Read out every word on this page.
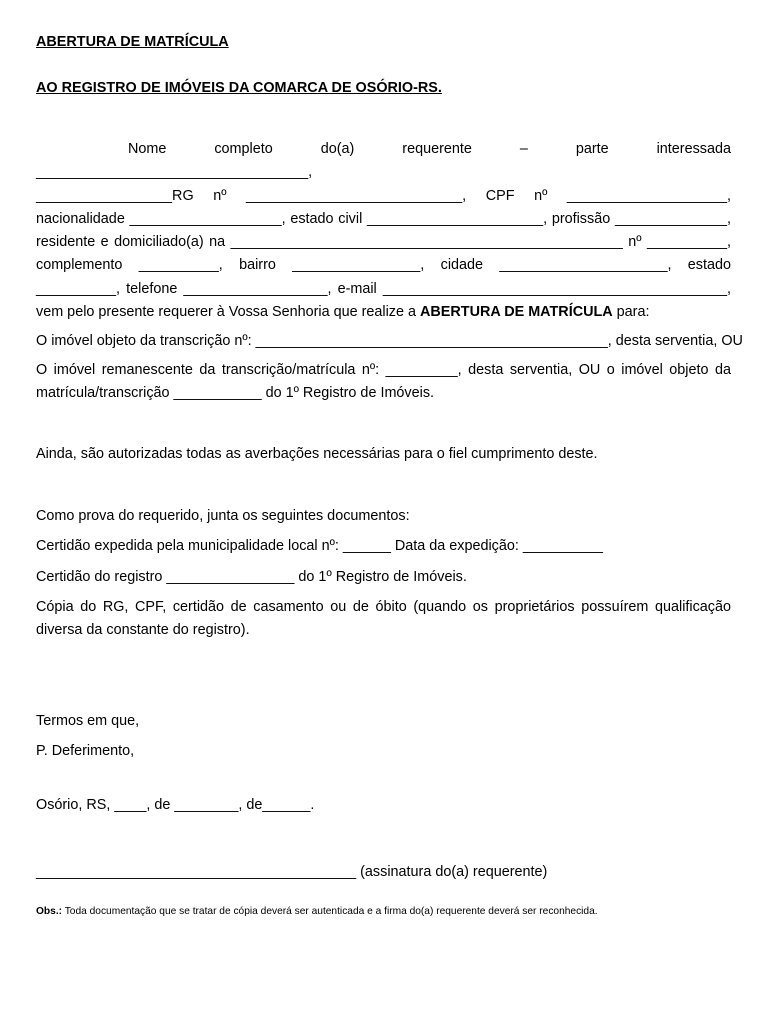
ABERTURA DE MATRÍCULA
AO REGISTRO DE IMÓVEIS DA COMARCA DE OSÓRIO-RS.
Nome completo do(a) requerente – parte interessada __________________________________,
_________________RG nº ___________________________, CPF nº ____________________,
nacionalidade ___________________, estado civil ______________________, profissão ______________,
residente e domiciliado(a) na _________________________________________________ nº __________,
complemento __________, bairro ________________, cidade _____________________, estado
__________, telefone __________________, e-mail ___________________________________________,
vem pelo presente requerer à Vossa Senhoria que realize a ABERTURA DE MATRÍCULA para:
O imóvel objeto da transcrição nº: ____________________________________________, desta serventia, OU
O imóvel remanescente da transcrição/matrícula nº: _________, desta serventia, OU o imóvel objeto da
matrícula/transcrição ___________ do 1º Registro de Imóveis.
Ainda, são autorizadas todas as averbações necessárias para o fiel cumprimento deste.
Como prova do requerido, junta os seguintes documentos:
Certidão expedida pela municipalidade local nº: ______ Data da expedição: __________
Certidão do registro ________________ do 1º Registro de Imóveis.
Cópia do RG, CPF, certidão de casamento ou de óbito (quando os proprietários possuírem qualificação
diversa da constante do registro).
Termos em que,
P. Deferimento,
Osório, RS, ____, de ________, de______.
________________________________________ (assinatura do(a) requerente)
Obs.: Toda documentação que se tratar de cópia deverá ser autenticada e a firma do(a) requerente deverá ser reconhecida.
